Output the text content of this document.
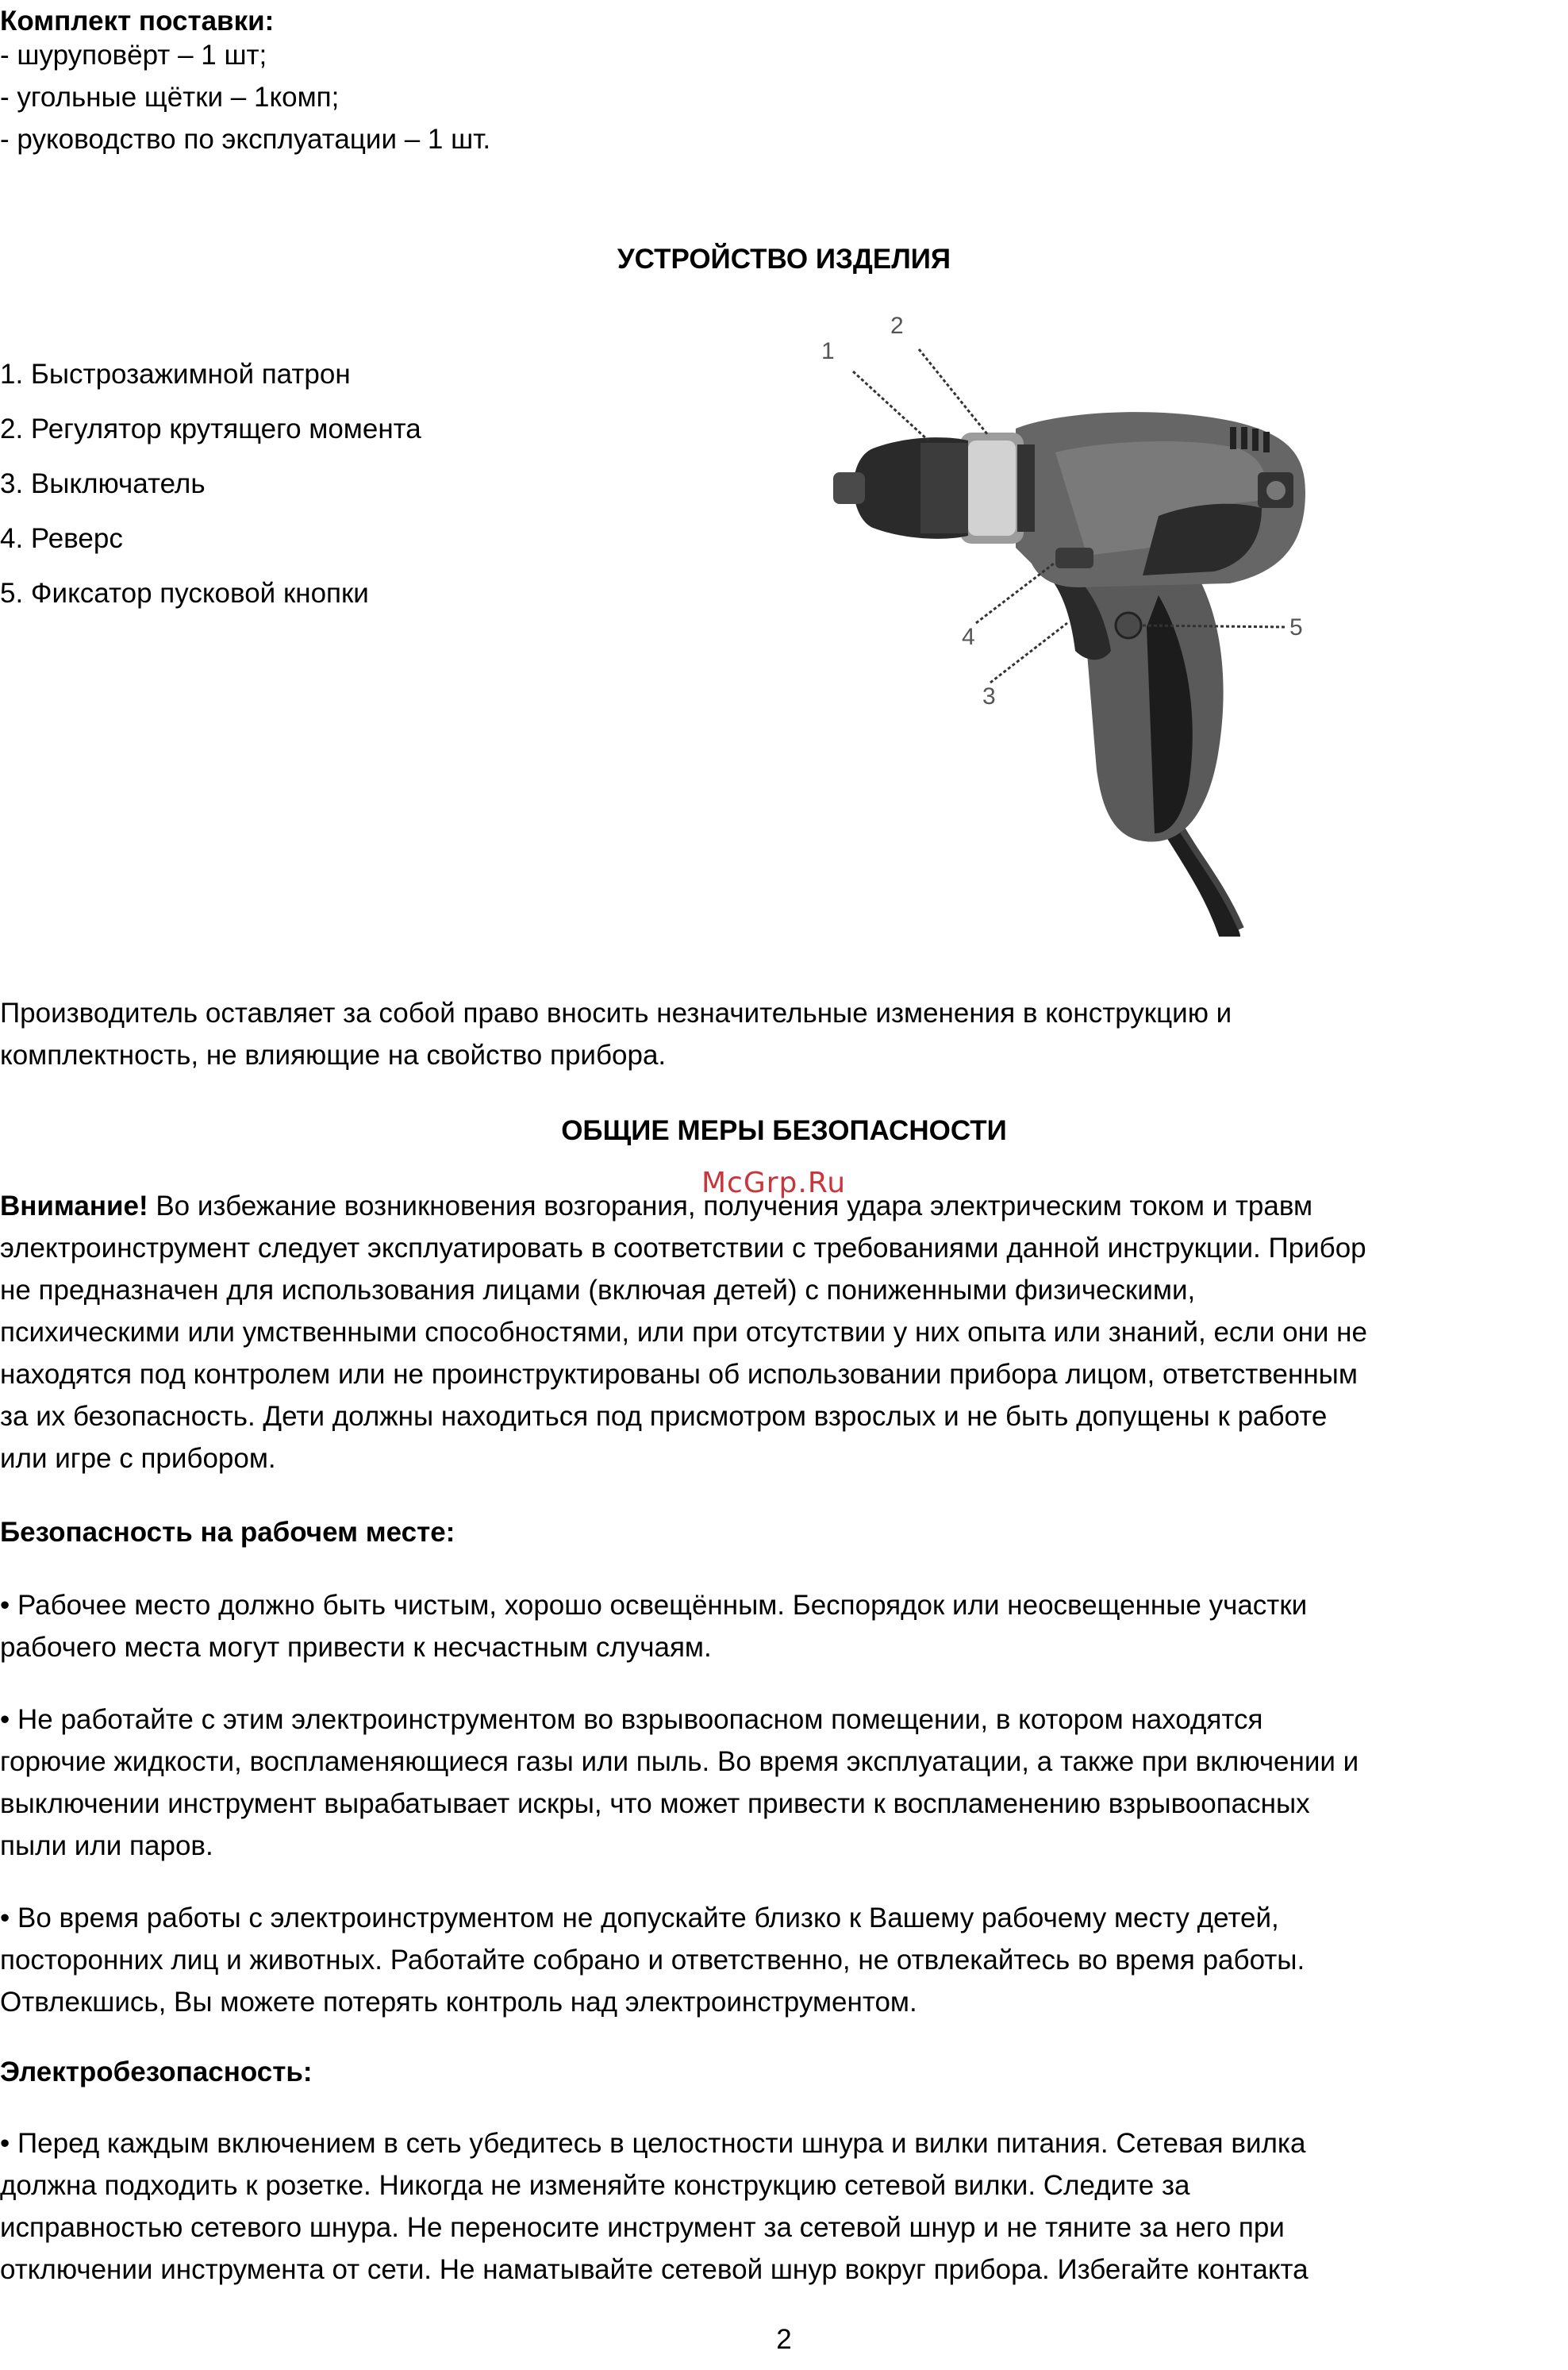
Комплект поставки:

- шуруповёрт – 1 шт;

- угольные щётки – 1комп;

- руководство по эксплуатации – 1 шт.

УСТРОЙСТВО ИЗДЕЛИЯ

1. Быстрозажимной патрон

2. Регулятор крутящего момента

3. Выключатель

4. Реверс

5. Фиксатор пусковой кнопки

1
2
4
3
5

Производитель оставляет за собой право вносить незначительные изменения в конструкцию и

комплектность, не влияющие на свойство прибора.

ОБЩИЕ МЕРЫ БЕЗОПАСНОСТИ

McGrp.Ru
Внимание! Во избежание возникновения возгорания, получения удара электрическим током и травм
электроинструмент следует эксплуатировать в соответствии с требованиями данной инструкции. Прибор
не предназначен для использования лицами (включая детей) с пониженными физическими,
психическими или умственными способностями, или при отсутствии у них опыта или знаний, если они не
находятся под контролем или не проинструктированы об использовании прибора лицом, ответственным
за их безопасность. Дети должны находиться под присмотром взрослых и не быть допущены к работе
или игре с прибором.

Безопасность на рабочем месте:

• Рабочее место должно быть чистым, хорошо освещённым. Беспорядок или неосвещенные участки
рабочего места могут привести к несчастным случаям.
• Не работайте с этим электроинструментом во взрывоопасном помещении, в котором находятся
горючие жидкости, воспламеняющиеся газы или пыль. Во время эксплуатации, а также при включении и
выключении инструмент вырабатывает искры, что может привести к воспламенению взрывоопасных
пыли или паров.
• Во время работы с электроинструментом не допускайте близко к Вашему рабочему месту детей,
посторонних лиц и животных. Работайте собрано и ответственно, не отвлекайтесь во время работы.
Отвлекшись, Вы можете потерять контроль над электроинструментом.

Электробезопасность:

• Перед каждым включением в сеть убедитесь в целостности шнура и вилки питания. Сетевая вилка
должна подходить к розетке. Никогда не изменяйте конструкцию сетевой вилки. Следите за
исправностью сетевого шнура. Не переносите инструмент за сетевой шнур и не тяните за него при
отключении инструмента от сети. Не наматывайте сетевой шнур вокруг прибора. Избегайте контакта
2
